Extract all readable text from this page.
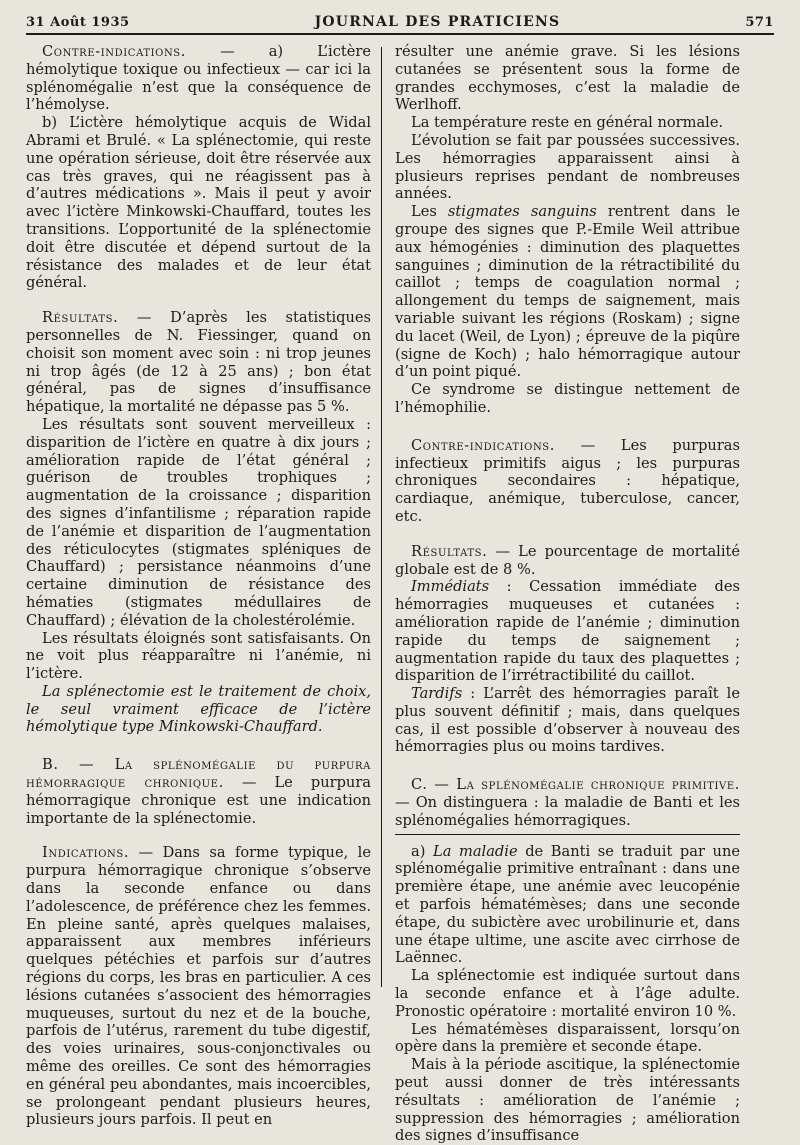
31 Août 1935	JOURNAL DES PRATICIENS	571

Contre-indications. — a) L’ictère hémolytique toxique ou infectieux — car ici la splénomégalie n’est que la conséquence de l’hémolyse.

b) L’ictère hémolytique acquis de Widal Abrami et Brulé. « La splénectomie, qui reste une opération sérieuse, doit être réservée aux cas très graves, qui ne réagissent pas à d’autres médications ». Mais il peut y avoir avec l’ictère Minkowski-Chauffard, toutes les transitions. L’opportunité de la splénectomie doit être discutée et dépend surtout de la résistance des malades et de leur état général.

Résultats. — D’après les statistiques personnelles de N. Fiessinger, quand on choisit son moment avec soin : ni trop jeunes ni trop âgés (de 12 à 25 ans) ; bon état général, pas de signes d’insuffisance hépatique, la mortalité ne dépasse pas 5 %.

Les résultats sont souvent merveilleux : disparition de l’ictère en quatre à dix jours ; amélioration rapide de l’état général ; guérison de troubles trophiques ; augmentation de la croissance ; disparition des signes d’infantilisme ; réparation rapide de l’anémie et disparition de l’augmentation des réticulocytes (stigmates spléniques de Chauffard) ; persistance néanmoins d’une certaine diminution de résistance des hématies (stigmates médullaires de Chauffard) ; élévation de la cholestérolémie.

Les résultats éloignés sont satisfaisants. On ne voit plus réapparaître ni l’anémie, ni l’ictère.

La splénectomie est le traitement de choix, le seul vraiment efficace de l’ictère hémolytique type Minkowski-Chauffard.

B. — La splénomégalie du purpura hémorragique chronique. — Le purpura hémorragique chronique est une indication importante de la splénectomie.

Indications. — Dans sa forme typique, le purpura hémorragique chronique s’observe dans la seconde enfance ou dans l’adolescence, de préférence chez les femmes. En pleine santé, après quelques malaises, apparaissent aux membres inférieurs quelques pétéchies et parfois sur d’autres régions du corps, les bras en particulier. A ces lésions cutanées s’associent des hémorragies muqueuses, surtout du nez et de la bouche, parfois de l’utérus, rarement du tube digestif, des voies urinaires, sous-conjonctivales ou même des oreilles. Ce sont des hémorragies en général peu abondantes, mais incoercibles, se prolongeant pendant plusieurs heures, plusieurs jours parfois. Il peut en

résulter une anémie grave. Si les lésions cutanées se présentent sous la forme de grandes ecchymoses, c’est la maladie de Werlhoff.

La température reste en général normale.

L’évolution se fait par poussées successives. Les hémorragies apparaissent ainsi à plusieurs reprises pendant de nombreuses années.

Les stigmates sanguins rentrent dans le groupe des signes que P.-Emile Weil attribue aux hémogénies : diminution des plaquettes sanguines ; diminution de la rétractibilité du caillot ; temps de coagulation normal ; allongement du temps de saignement, mais variable suivant les régions (Roskam) ; signe du lacet (Weil, de Lyon) ; épreuve de la piqûre (signe de Koch) ; halo hémorragique autour d’un point piqué.

Ce syndrome se distingue nettement de l’hémophilie.

Contre-indications. — Les purpuras infectieux primitifs aigus ; les purpuras chroniques secondaires : hépatique, cardiaque, anémique, tuberculose, cancer, etc.

Résultats. — Le pourcentage de mortalité globale est de 8 %.

Immédiats : Cessation immédiate des hémorragies muqueuses et cutanées : amélioration rapide de l’anémie ; diminution rapide du temps de saignement ; augmentation rapide du taux des plaquettes ; disparition de l’irrétractibilité du caillot.

Tardifs : L’arrêt des hémorragies paraît le plus souvent définitif ; mais, dans quelques cas, il est possible d’observer à nouveau des hémorragies plus ou moins tardives.

C. — La splénomégalie chronique primitive. — On distinguera : la maladie de Banti et les splénomégalies hémorragiques.

a) La maladie de Banti se traduit par une splénomégalie primitive entraînant : dans une première étape, une anémie avec leucopénie et parfois hématémèses; dans une seconde étape, du subictère avec urobilinurie et, dans une étape ultime, une ascite avec cirrhose de Laënnec.

La splénectomie est indiquée surtout dans la seconde enfance et à l’âge adulte. Pronostic opératoire : mortalité environ 10 %.

Les hématémèses disparaissent, lorsqu’on opère dans la première et seconde étape.

Mais à la période ascitique, la splénectomie peut aussi donner de très intéressants résultats : amélioration de l’anémie ; suppression des hémorragies ; amélioration des signes d’insuffisance
